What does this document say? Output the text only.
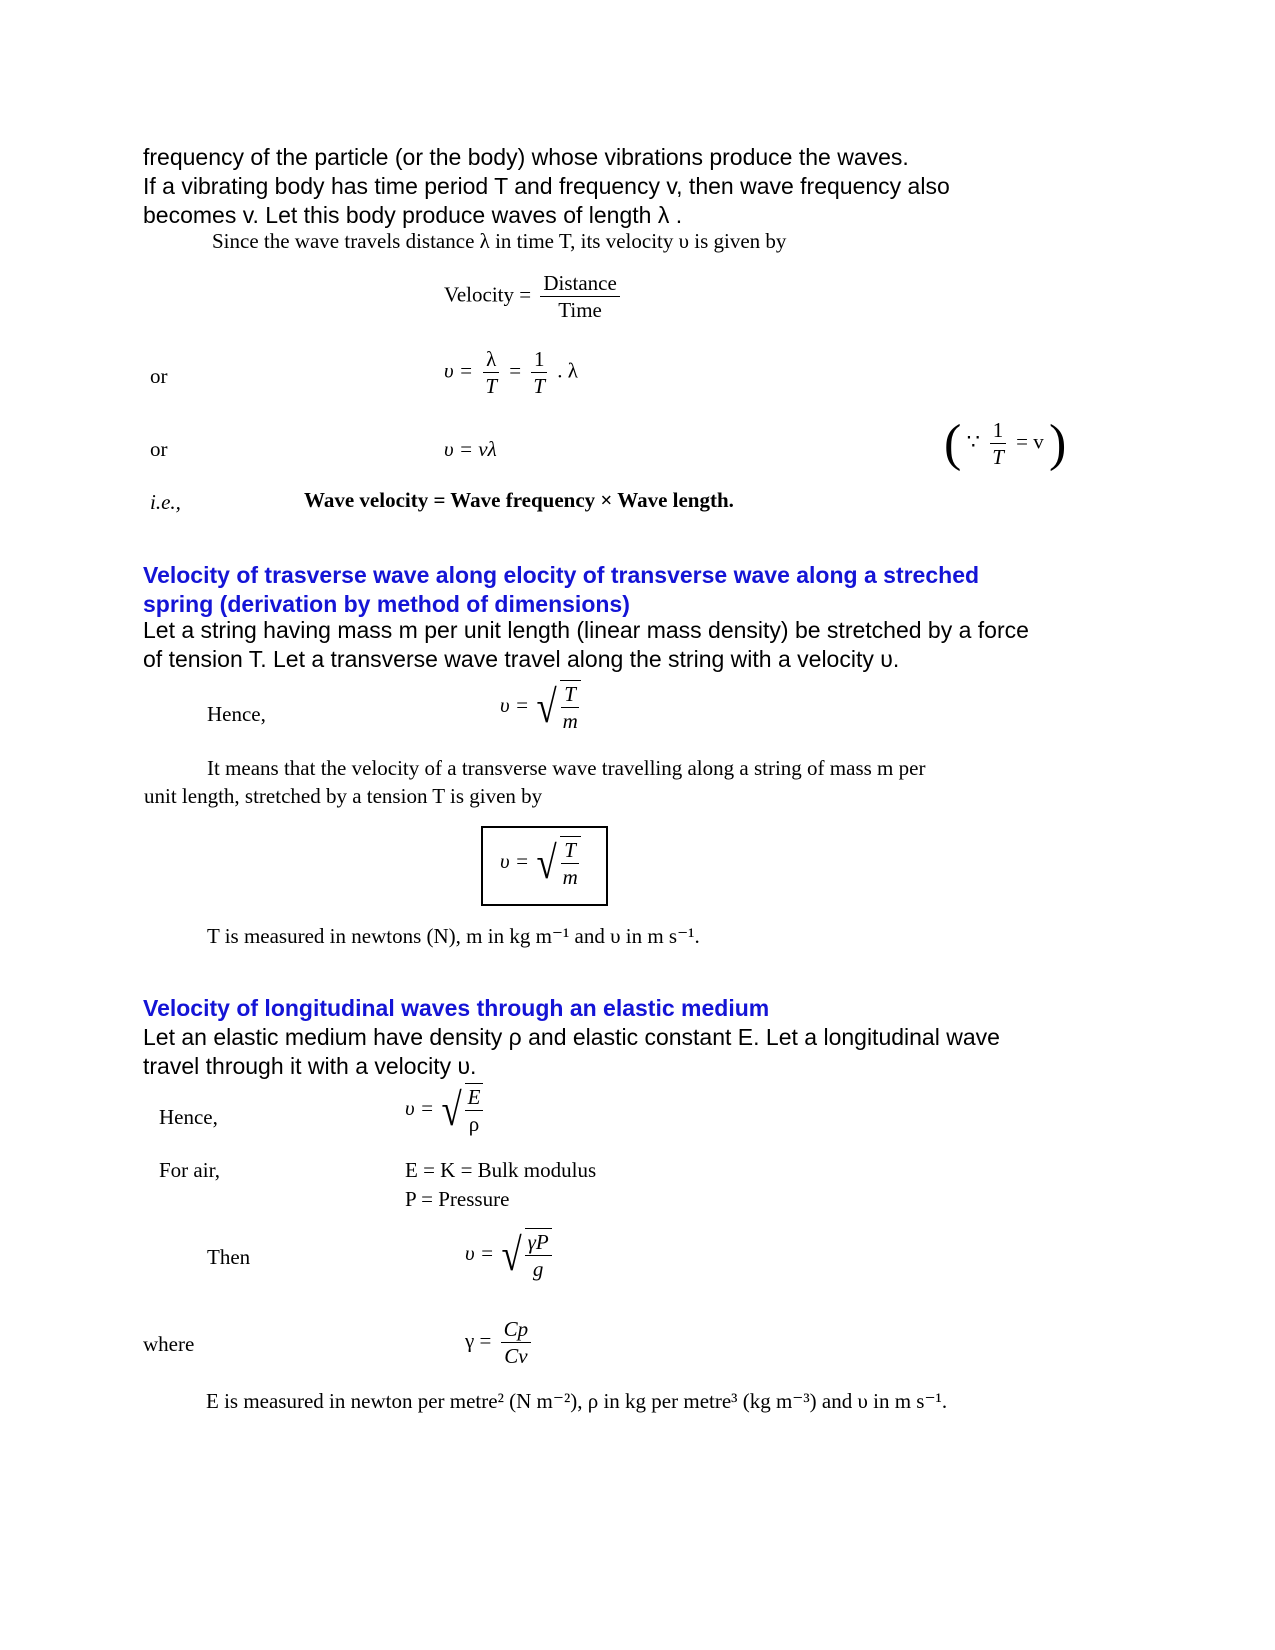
frequency of the particle (or the body) whose vibrations produce the waves.
If a vibrating body has time period T and frequency v, then wave frequency also
becomes v. Let this body produce waves of length λ .
Since the wave travels distance λ in time T, its velocity υ is given by
Velocity = $\frac{\text{Distance}}{\text{Time}}$
or	$\upsilon = \frac{\lambda}{T} = \frac{1}{T}$ . λ
or	υ = vλ	( ∵ $\frac{1}{T} = v$ )
i.e.,	Wave velocity = Wave frequency × Wave length.
Velocity of trasverse wave along elocity of transverse wave along a streched
spring (derivation by method of dimensions)
Let a string having mass m per unit length (linear mass density) be stretched by a force
of tension T. Let a transverse wave travel along the string with a velocity υ.
Hence,	υ = √ $\frac{T}{m}$
It means that the velocity of a transverse wave travelling along a string of mass m per
unit length, stretched by a tension T is given by
υ = √ $\frac{T}{m}$
T is measured in newtons (N), m in kg m⁻¹ and υ in m s⁻¹.
Velocity of longitudinal waves through an elastic medium
Let an elastic medium have density ρ and elastic constant E. Let a longitudinal wave
travel through it with a velocity υ.
Hence,	υ = √ $\frac{E}{\rho}$
For air,	E = K = Bulk modulus
P = Pressure
Then	υ = √ $\frac{\gamma P}{g}$
where	$\gamma = \frac{Cp}{Cv}$
E is measured in newton per metre² (N m⁻²), ρ in kg per metre³ (kg m⁻³) and υ in m s⁻¹.
